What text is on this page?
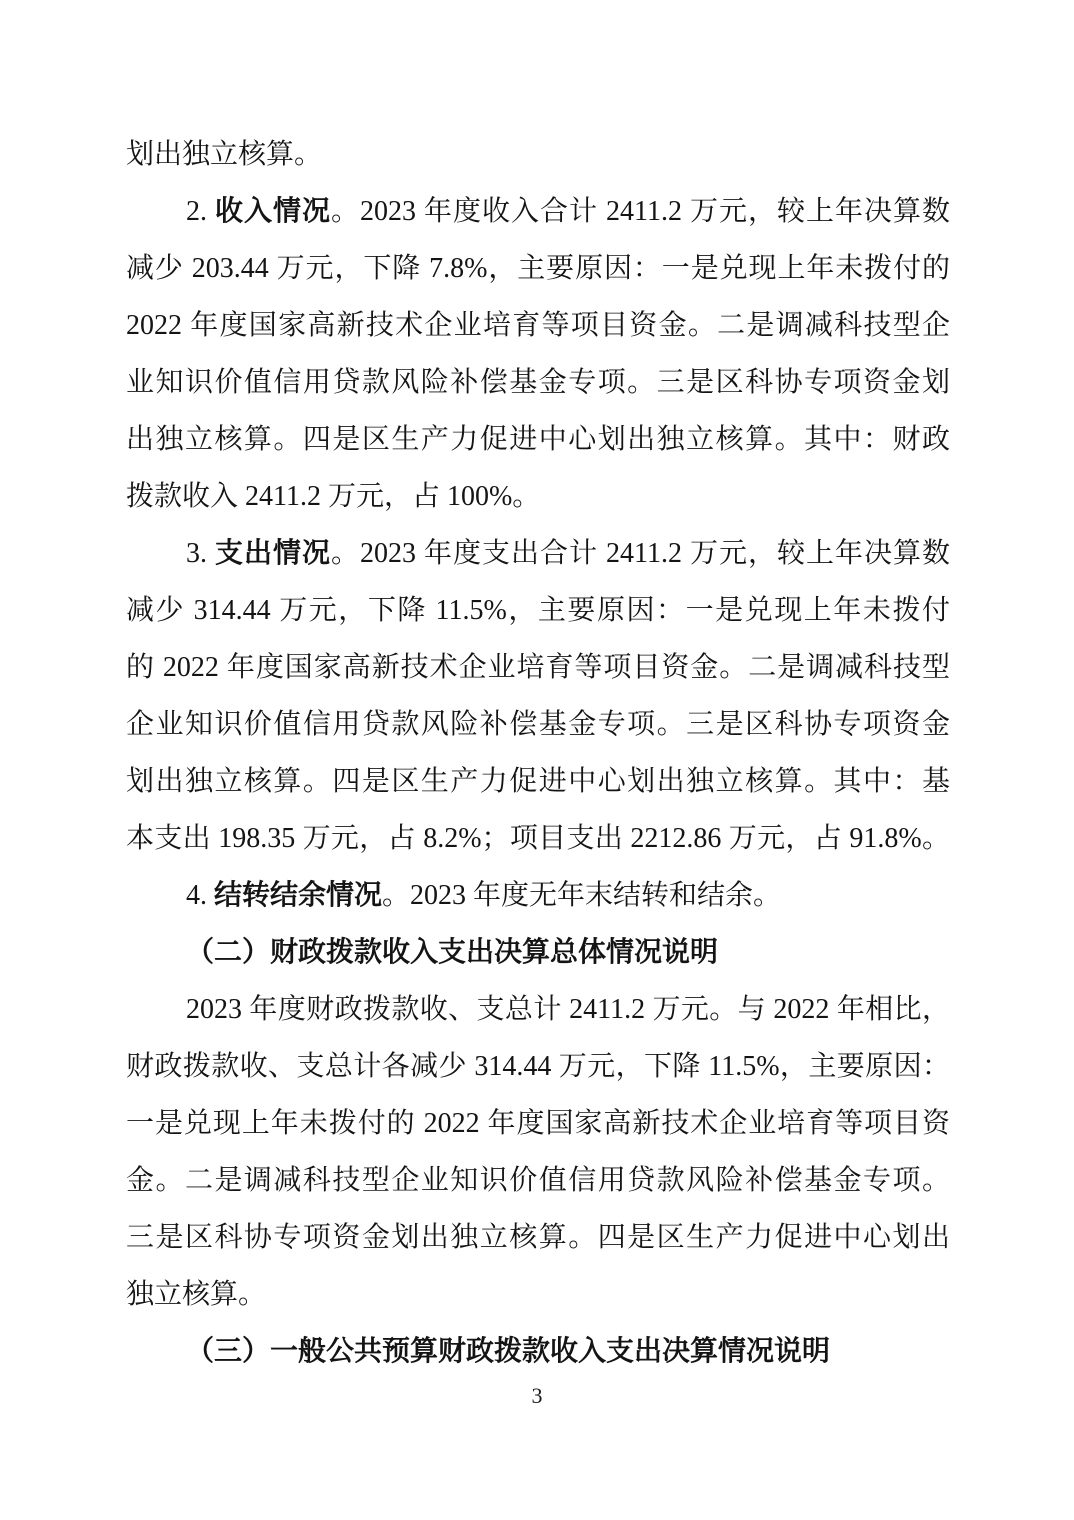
划出独立核算。
2. 收入情况。2023 年度收入合计 2411.2 万元，较上年决算数
减少 203.44 万元，下降 7.8%，主要原因：一是兑现上年未拨付的
2022 年度国家高新技术企业培育等项目资金。二是调减科技型企
业知识价值信用贷款风险补偿基金专项。三是区科协专项资金划
出独立核算。四是区生产力促进中心划出独立核算。其中：财政
拨款收入 2411.2 万元，占 100%。
3. 支出情况。2023 年度支出合计 2411.2 万元，较上年决算数
减少 314.44 万元，下降 11.5%，主要原因：一是兑现上年未拨付
的 2022 年度国家高新技术企业培育等项目资金。二是调减科技型
企业知识价值信用贷款风险补偿基金专项。三是区科协专项资金
划出独立核算。四是区生产力促进中心划出独立核算。其中：基
本支出 198.35 万元，占 8.2%；项目支出 2212.86 万元，占 91.8%。
4. 结转结余情况。2023 年度无年末结转和结余。
（二）财政拨款收入支出决算总体情况说明
2023 年度财政拨款收、支总计 2411.2 万元。与 2022 年相比，
财政拨款收、支总计各减少 314.44 万元，下降 11.5%，主要原因：
一是兑现上年未拨付的 2022 年度国家高新技术企业培育等项目资
金。二是调减科技型企业知识价值信用贷款风险补偿基金专项。
三是区科协专项资金划出独立核算。四是区生产力促进中心划出
独立核算。
（三）一般公共预算财政拨款收入支出决算情况说明
3
